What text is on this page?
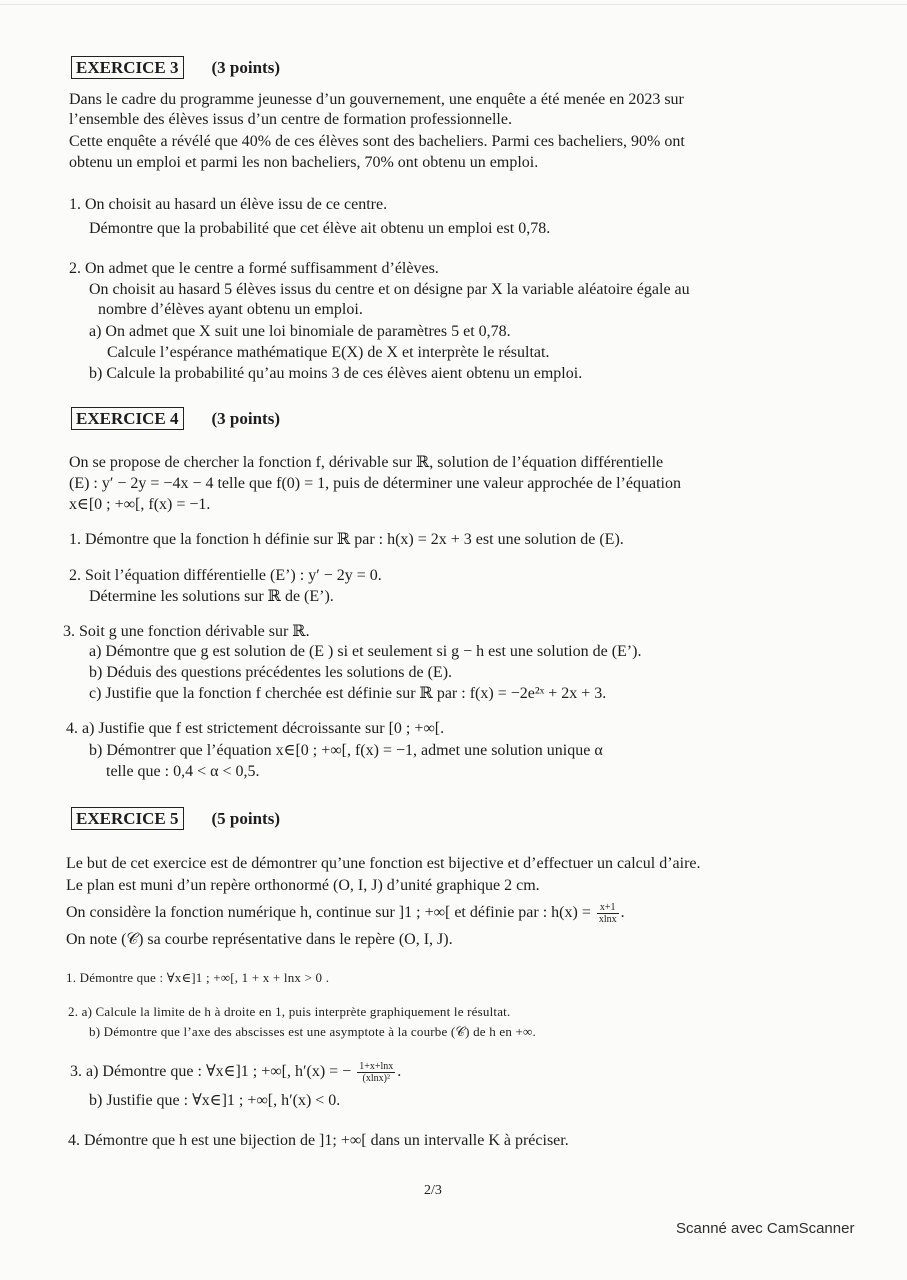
EXERCICE 3 (3 points)
Dans le cadre du programme jeunesse d’un gouvernement, une enquête a été menée en 2023 sur
l’ensemble des élèves issus d’un centre de formation professionnelle.
Cette enquête a révélé que 40% de ces élèves sont des bacheliers. Parmi ces bacheliers, 90% ont
obtenu un emploi et parmi les non bacheliers, 70% ont obtenu un emploi.
1. On choisit au hasard un élève issu de ce centre.
Démontre que la probabilité que cet élève ait obtenu un emploi est 0,78.
2. On admet que le centre a formé suffisamment d’élèves.
On choisit au hasard 5 élèves issus du centre et on désigne par X la variable aléatoire égale au
nombre d’élèves ayant obtenu un emploi.
a) On admet que X suit une loi binomiale de paramètres 5 et 0,78.
Calcule l’espérance mathématique E(X) de X et interprète le résultat.
b) Calcule la probabilité qu’au moins 3 de ces élèves aient obtenu un emploi.
EXERCICE 4 (3 points)
On se propose de chercher la fonction f, dérivable sur ℝ, solution de l’équation différentielle
(E) : y′ − 2y = −4x − 4 telle que f(0) = 1, puis de déterminer une valeur approchée de l’équation
x∈[0 ; +∞[, f(x) = −1.
1. Démontre que la fonction h définie sur ℝ par : h(x) = 2x + 3 est une solution de (E).
2. Soit l’équation différentielle (E’) : y′ − 2y = 0.
Détermine les solutions sur ℝ de (E’).
3. Soit g une fonction dérivable sur ℝ.
a) Démontre que g est solution de (E ) si et seulement si g − h est une solution de (E’).
b) Déduis des questions précédentes les solutions de (E).
c) Justifie que la fonction f cherchée est définie sur ℝ par : f(x) = −2e²ˣ + 2x + 3.
4. a) Justifie que f est strictement décroissante sur [0 ; +∞[.
b) Démontrer que l’équation x∈[0 ; +∞[, f(x) = −1, admet une solution unique α
telle que : 0,4 < α < 0,5.
EXERCICE 5 (5 points)
Le but de cet exercice est de démontrer qu’une fonction est bijective et d’effectuer un calcul d’aire.
Le plan est muni d’un repère orthonormé (O, I, J) d’unité graphique 2 cm.
On considère la fonction numérique h, continue sur ]1 ; +∞[ et définie par : $h(x) = \frac{x+1}{xlnx}$ .
On note (𝒞) sa courbe représentative dans le repère (O, I, J).
1. Démontre que : ∀x∈]1 ; +∞[, 1 + x + lnx > 0 .
2. a) Calcule la limite de h à droite en 1, puis interprète graphiquement le résultat.
b) Démontre que l’axe des abscisses est une asymptote à la courbe (𝒞) de h en +∞.
3. a) Démontre que : ∀x∈]1 ; +∞[, h′(x) = − $\frac{1+x+\ln x}{\text{(xlnx)²}}$ .
b) Justifie que : ∀x∈]1 ; +∞[, h′(x) < 0.
4. Démontre que h est une bijection de ]1; +∞[ dans un intervalle K à préciser.
2/3
Scanné avec CamScanner
